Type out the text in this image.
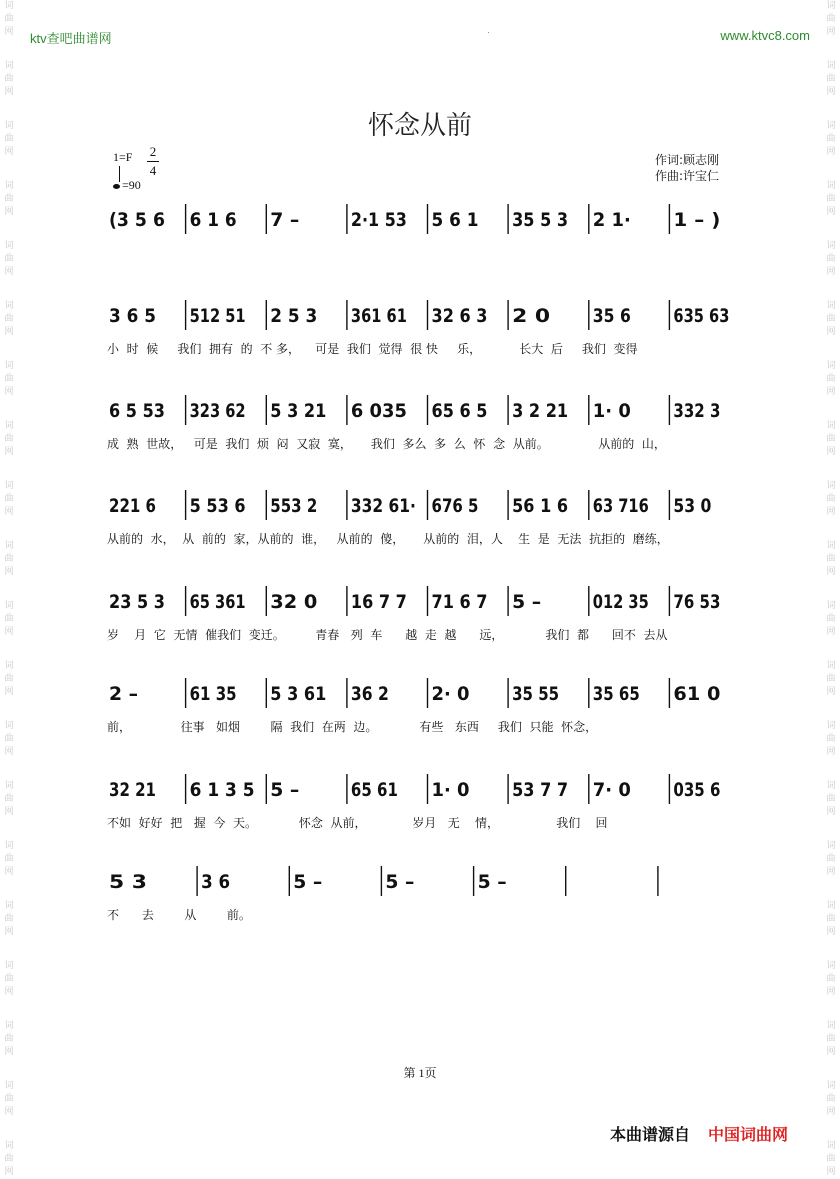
词
曲
网
词
曲
网
词
曲
网
词
曲
网
词
曲
网
词
曲
网
词
曲
网
词
曲
网
词
曲
网
词
曲
网
词
曲
网
词
曲
网
词
曲
网
词
曲
网
词
曲
网
词
曲
网
词
曲
网
词
曲
网
词
曲
网
词
曲
网
词
曲
网
词
曲
网
词
曲
网
词
曲
网
词
曲
网
词
曲
网
词
曲
网
词
曲
网
词
曲
网
词
曲
网
词
曲
网
词
曲
网
词
曲
网
词
曲
网
词
曲
网
词
曲
网
词
曲
网
词
曲
网
词
曲
网
词
曲
网
ktv查吧曲谱网	www.ktvc8.com
怀念从前
1=F 2
4
=90
作词:顾志刚
作曲:许宝仁
(3 5 6 6 1 6 7 –	2·1 53 5 6 1 35 5 3 2 1· 1 – )
3 6 5 512 51 2 5 3 361 61 32 6 3 2 0 35 6 635 63
小  时  候     我们  拥有  的  不 多，    可是  我们  觉得  很 快     乐，          长大  后     我们  变得
6 5 53 323 62 5 3 21 6 035 65 6 5 3 2 21 1· 0 332 3
成  熟  世故，   可是  我们  烦  闷  又寂  寞，     我们  多么  多  么  怀  念  从前。             从前的  山，
221 6 5 53 6 553 2 332 61· 676 5 56 1 6 63 716 53 0
从前的  水，  从  前的  家，从前的  谁，   从前的  傻，     从前的  泪，人    生  是  无法  抗拒的  磨练，
23 5 3 65 361 32 0 16 7 7 71 6 7 5 –	012 35 76 53
岁    月  它  无情  催我们  变迁。        青春   列  车      越  走  越      远，           我们  都      回不  去从
2 –	61 35 5 3 61 36 2 2· 0 35 55 35 65 61 0
前，             往事   如烟        隔  我们  在两  边。           有些   东西     我们  只能  怀念，
32 21 6 1 3 5 5 –	65 61 1· 0 53 7 7 7· 0 035 6
不如  好好  把   握  今  天。           怀念  从前，            岁月   无    情，               我们    回
5 3	3 6	5 –	5 –	5 –
不      去        从        前。
第 1页
本曲谱源自 中国词曲网
